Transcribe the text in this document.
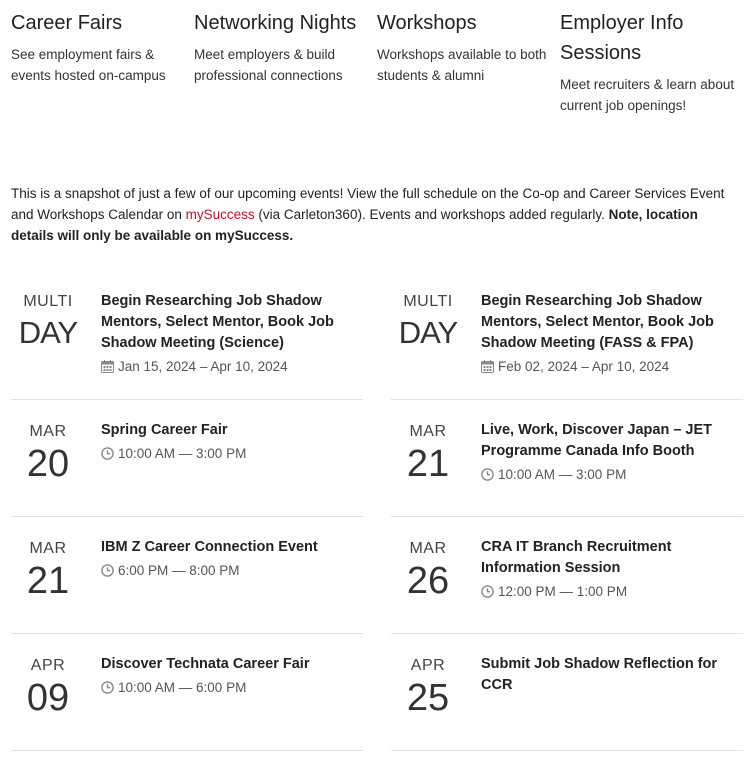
Career Fairs
See employment fairs & events hosted on-campus
Networking Nights
Meet employers & build professional connections
Workshops
Workshops available to both students & alumni
Employer Info Sessions
Meet recruiters & learn about current job openings!

This is a snapshot of just a few of our upcoming events! View the full schedule on the Co-op and Career Services Event and Workshops Calendar on mySuccess (via Carleton360). Events and workshops added regularly. Note, location details will only be available on mySuccess.

MULTI
DAY
Begin Researching Job Shadow Mentors, Select Mentor, Book Job Shadow Meeting (Science)
Jan 15, 2024 – Apr 10, 2024
MAR
20
Spring Career Fair
10:00 AM — 3:00 PM
MAR
21
IBM Z Career Connection Event
6:00 PM — 8:00 PM
APR
09
Discover Technata Career Fair
10:00 AM — 6:00 PM
MULTI
DAY
Begin Researching Job Shadow Mentors, Select Mentor, Book Job Shadow Meeting (FASS & FPA)
Feb 02, 2024 – Apr 10, 2024
MAR
21
Live, Work, Discover Japan – JET Programme Canada Info Booth
10:00 AM — 3:00 PM
MAR
26
CRA IT Branch Recruitment Information Session
12:00 PM — 1:00 PM
APR
25
Submit Job Shadow Reflection for CCR
